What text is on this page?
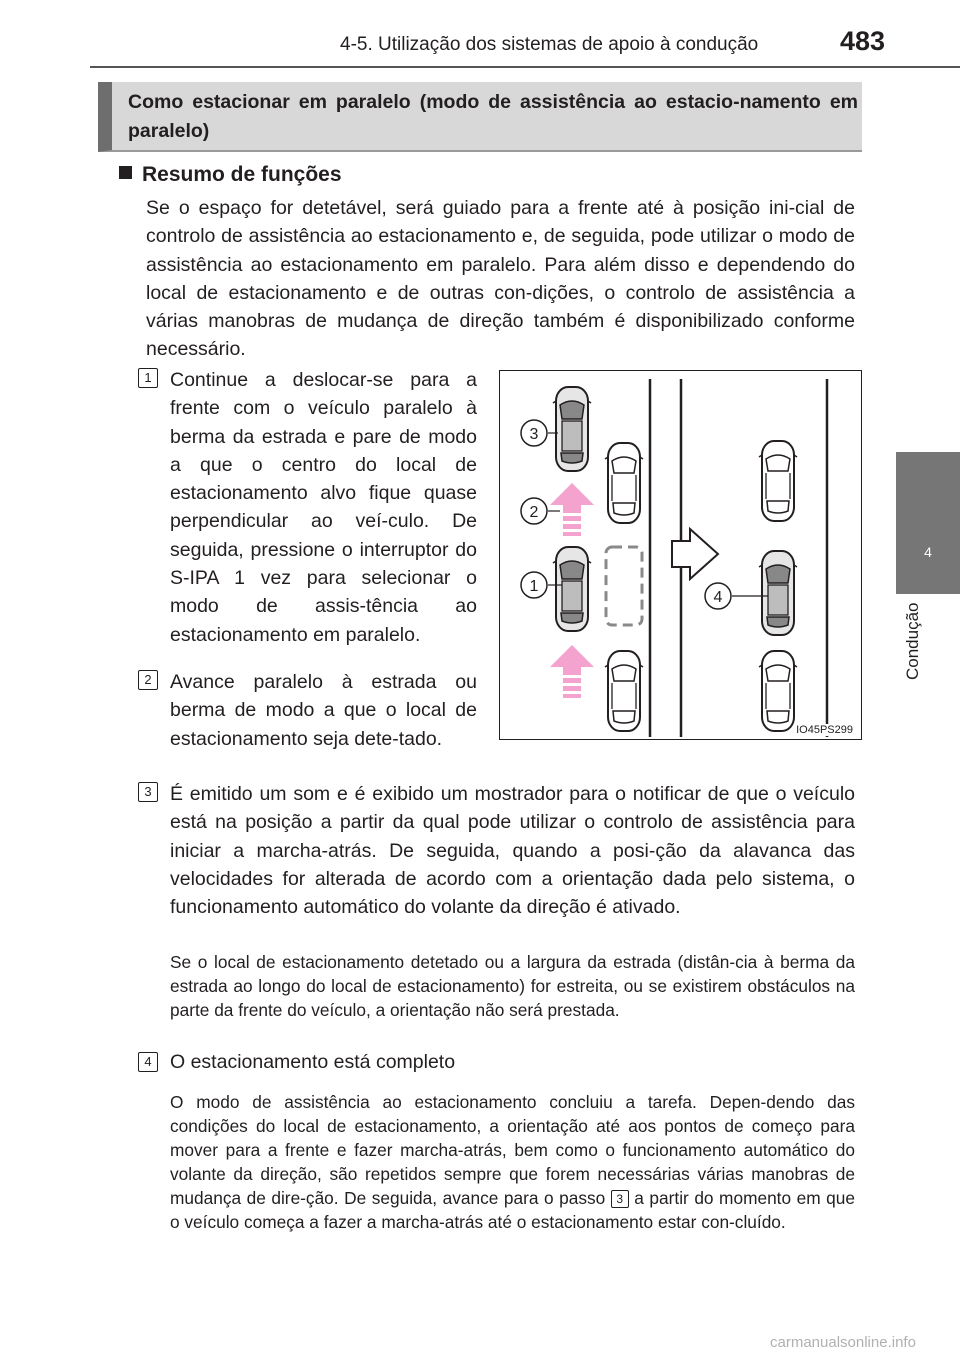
4-5. Utilização dos sistemas de apoio à condução	483
4
Condução
Como estacionar em paralelo (modo de assistência ao estacio-namento em paralelo)
Resumo de funções
Se o espaço for detetável, será guiado para a frente até à posição ini-cial de controlo de assistência ao estacionamento e, de seguida, pode utilizar o modo de assistência ao estacionamento em paralelo. Para além disso e dependendo do local de estacionamento e de outras con-dições, o controlo de assistência a várias manobras de mudança de direção também é disponibilizado conforme necessário.
1 Continue a deslocar-se para a frente com o veículo paralelo à berma da estrada e pare de modo a que o centro do local de estacionamento alvo fique quase perpendicular ao veí-culo. De seguida, pressione o interruptor do S-IPA 1 vez para selecionar o modo de assis-tência ao estacionamento em paralelo.
2 Avance paralelo à estrada ou berma de modo a que o local de estacionamento seja dete-tado.
3 É emitido um som e é exibido um mostrador para o notificar de que o veículo está na posição a partir da qual pode utilizar o controlo de assistência para iniciar a marcha-atrás. De seguida, quando a posi-ção da alavanca das velocidades for alterada de acordo com a orientação dada pelo sistema, o funcionamento automático do volante da direção é ativado.
Se o local de estacionamento detetado ou a largura da estrada (distân-cia à berma da estrada ao longo do local de estacionamento) for estreita, ou se existirem obstáculos na parte da frente do veículo, a orientação não será prestada.
4 O estacionamento está completo
O modo de assistência ao estacionamento concluiu a tarefa. Depen-dendo das condições do local de estacionamento, a orientação até aos pontos de começo para mover para a frente e fazer marcha-atrás, bem como o funcionamento automático do volante da direção, são repetidos sempre que forem necessárias várias manobras de mudança de dire-ção. De seguida, avance para o passo 3 a partir do momento em que o veículo começa a fazer a marcha-atrás até o estacionamento estar con-cluído.
3
2
1
4
IO45PS299
carmanualsonline.info
